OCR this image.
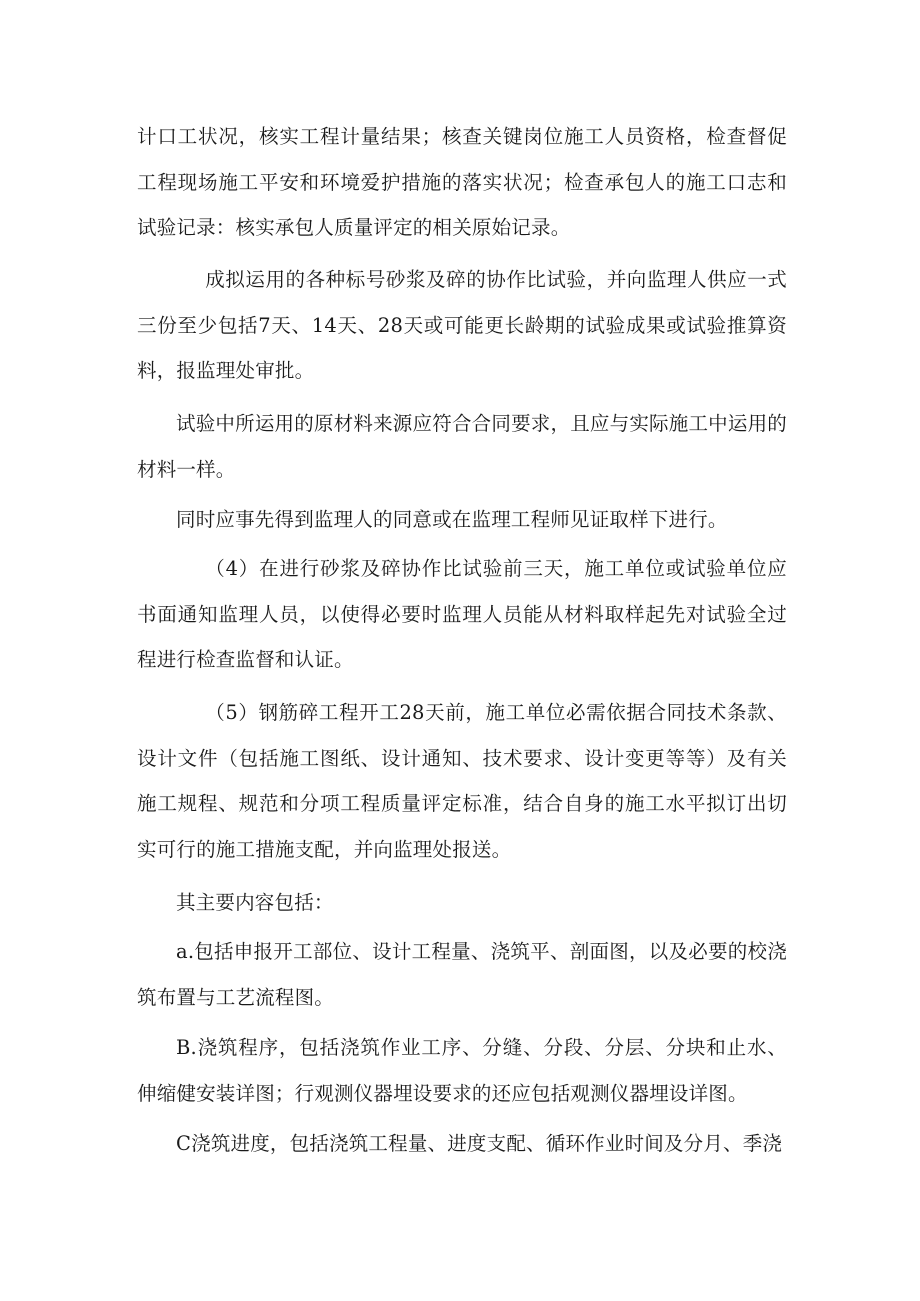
计口工状况，核实工程计量结果；核查关键岗位施工人员资格，检查督促工程现场施工平安和环境爱护措施的落实状况；检查承包人的施工口志和试验记录：核实承包人质量评定的相关原始记录。

成拟运用的各种标号砂浆及碎的协作比试验，并向监理人供应一式三份至少包括7天、14天、28天或可能更长龄期的试验成果或试验推算资料，报监理处审批。

试验中所运用的原材料来源应符合合同要求，且应与实际施工中运用的材料一样。

同时应事先得到监理人的同意或在监理工程师见证取样下进行。

（4）在进行砂浆及碎协作比试验前三天，施工单位或试验单位应书面通知监理人员，以使得必要时监理人员能从材料取样起先对试验全过程进行检查监督和认证。

（5）钢筋碎工程开工28天前，施工单位必需依据合同技术条款、设计文件（包括施工图纸、设计通知、技术要求、设计变更等等）及有关施工规程、规范和分项工程质量评定标准，结合自身的施工水平拟订出切实可行的施工措施支配，并向监理处报送。

其主要内容包括：

a.包括申报开工部位、设计工程量、浇筑平、剖面图，以及必要的校浇筑布置与工艺流程图。

B.浇筑程序，包括浇筑作业工序、分缝、分段、分层、分块和止水、伸缩健安装详图；行观测仪器埋设要求的还应包括观测仪器埋设详图。

C浇筑进度，包括浇筑工程量、进度支配、循环作业时间及分月、季浇
